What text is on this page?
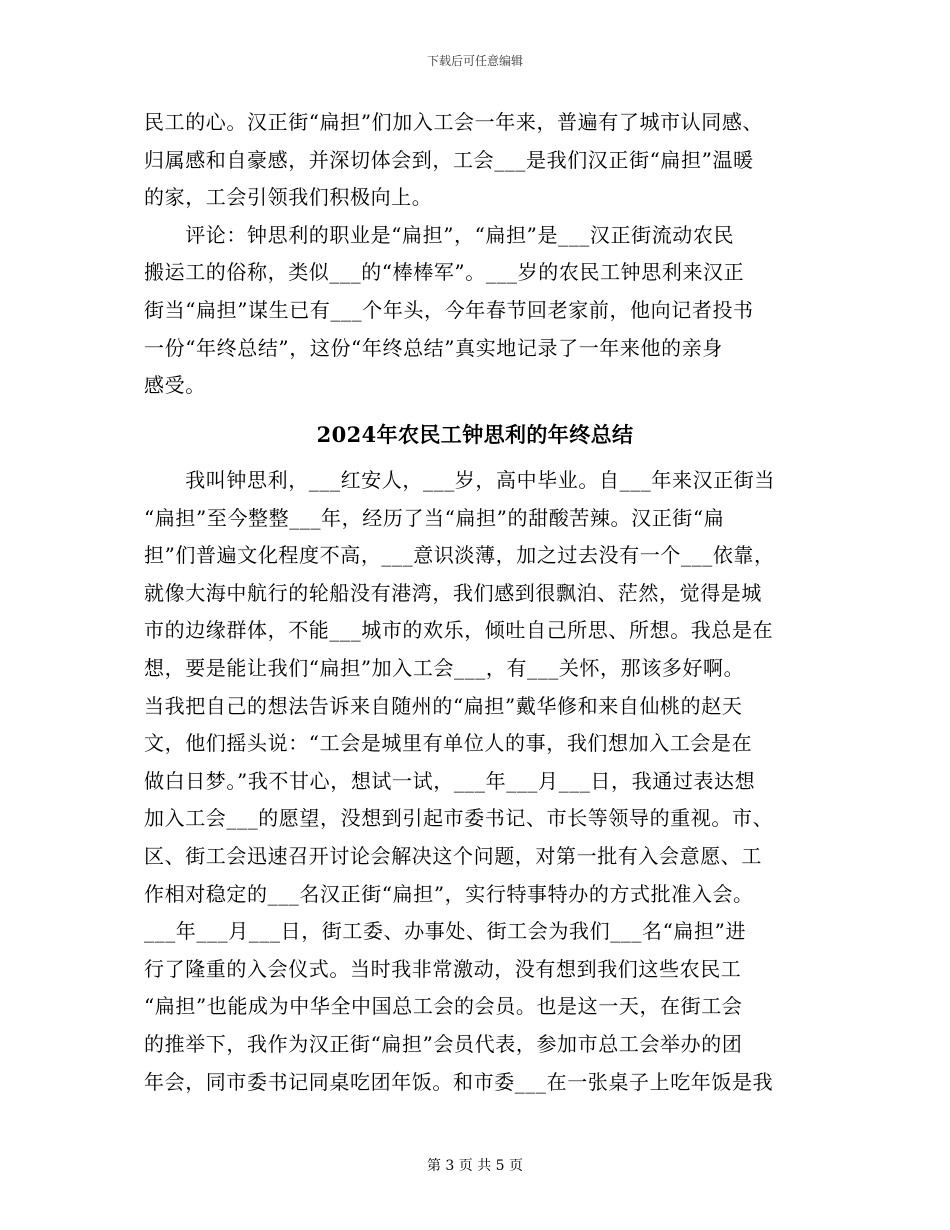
下载后可任意编辑
民工的心。汉正街“扁担”们加入工会一年来，普遍有了城市认同感、
归属感和自豪感，并深切体会到，工会___是我们汉正街“扁担”温暖
的家，工会引领我们积极向上。
　　评论：钟思利的职业是“扁担”，“扁担”是___汉正街流动农民
搬运工的俗称，类似___的“棒棒军”。___岁的农民工钟思利来汉正
街当“扁担”谋生已有___个年头，今年春节回老家前，他向记者投书
一份“年终总结”，这份“年终总结”真实地记录了一年来他的亲身
感受。
2024年农民工钟思利的年终总结
　　我叫钟思利，___红安人，___岁，高中毕业。自___年来汉正街当
“扁担”至今整整___年，经历了当“扁担”的甜酸苦辣。汉正街“扁
担”们普遍文化程度不高，___意识淡薄，加之过去没有一个___依靠，
就像大海中航行的轮船没有港湾，我们感到很飘泊、茫然，觉得是城
市的边缘群体，不能___城市的欢乐，倾吐自己所思、所想。我总是在
想，要是能让我们“扁担”加入工会___，有___关怀，那该多好啊。
当我把自己的想法告诉来自随州的“扁担”戴华修和来自仙桃的赵天
文，他们摇头说：“工会是城里有单位人的事，我们想加入工会是在
做白日梦。”我不甘心，想试一试，___年___月___日，我通过表达想
加入工会___的愿望，没想到引起市委书记、市长等领导的重视。市、
区、街工会迅速召开讨论会解决这个问题，对第一批有入会意愿、工
作相对稳定的___名汉正街“扁担”，实行特事特办的方式批准入会。
___年___月___日，街工委、办事处、街工会为我们___名“扁担”进
行了隆重的入会仪式。当时我非常激动，没有想到我们这些农民工
“扁担”也能成为中华全中国总工会的会员。也是这一天，在街工会
的推举下，我作为汉正街“扁担”会员代表，参加市总工会举办的团
年会，同市委书记同桌吃团年饭。和市委___在一张桌子上吃年饭是我
第 3 页 共 5 页
